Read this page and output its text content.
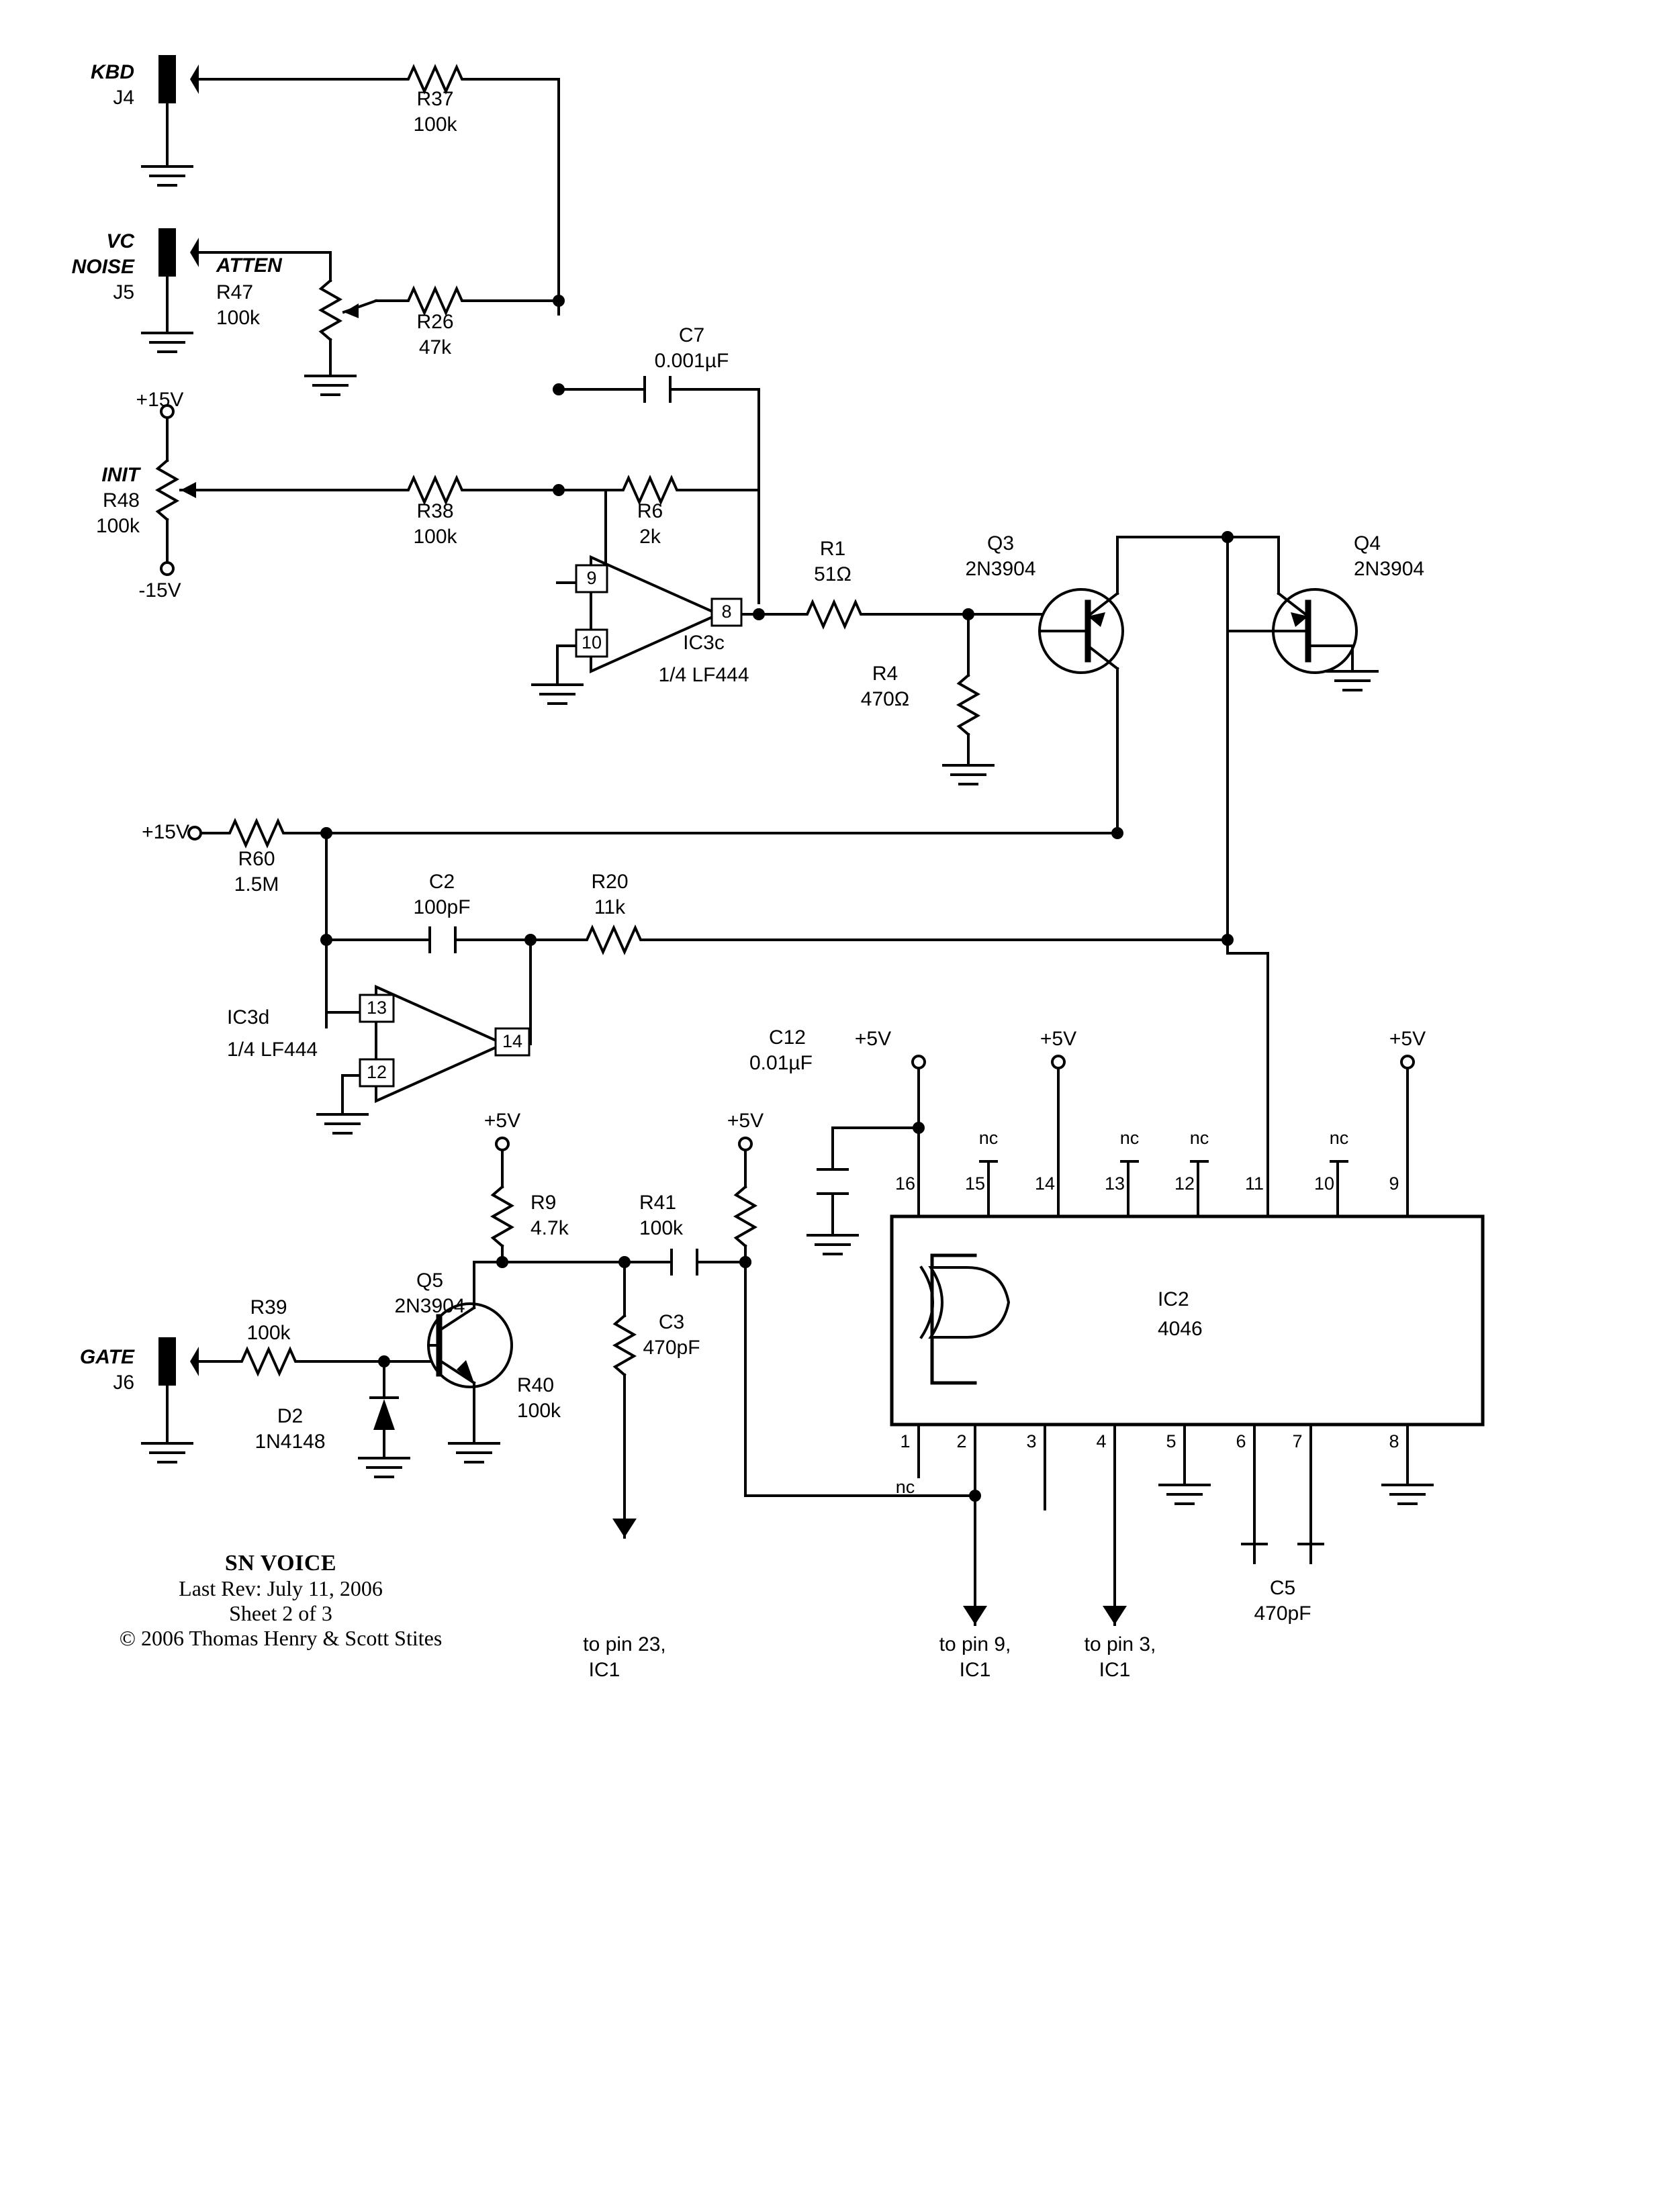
KBD
J4
VC
NOISE
J5
ATTEN
R47
100k
R37
100k
R26
47k
C7
0.001µF
+15V
-15V
INIT
R48
100k
R38
100k
R6
2k
9
10
8
IC3c
1/4 LF444
R1
51Ω
R4
470Ω
Q3
2N3904
Q4
2N3904
+15V
R60
1.5M	C2
100pF
R20
11k
IC3d
1/4 LF444
13
12
14
+5V
R9
4.7k
+5V
R41
100k
+5V
C12
0.01µF
+5V	+5V
Q5
2N3904
GATE
J6
R39
100k
D2
1N4148
R40
100k
C3
470pF
C5
470pF
16	15	14	13	12	11	10	9
nc	nc	nc	nc
1	2	3	4	5	6	7	8
nc
IC2
4046
to pin 23,
IC1
to pin 9,
IC1
to pin 3,
IC1
SN VOICE
Last Rev: July 11, 2006
Sheet 2 of 3
© 2006 Thomas Henry & Scott Stites
